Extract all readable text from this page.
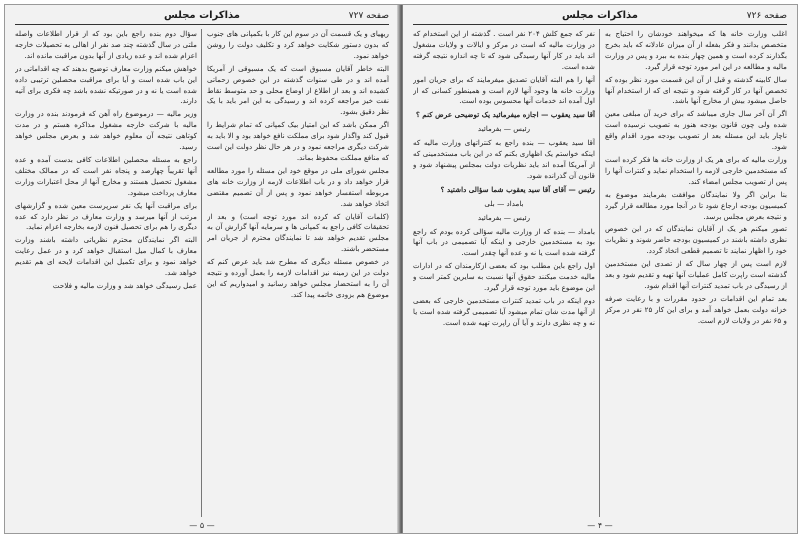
صفحه ۷۲۷
مذاکرات مجلس

ریهیای و یک قسمت آن در سوم این کار با بکمپانی های جنوب که بدون دستور شکایت خواهد کرد و تکلیف دولت را روشن خواهد نمود.

البته خاطر آقایان مسبوق است که یک مسبوقی از آمریکا آمده اند و در طی سنوات گذشته در این خصوص زحماتی کشیده اند و بعد از اطلاع از اوضاع محلی و حد متوسط نقاط نفت خیز مراجعه کرده اند و رسیدگی به این امر باید با یک نظر دقیق بشود.

اگر ممکن باشد که این امتیاز بیک کمپانی که تمام شرایط را قبول کند واگذار شود برای مملکت نافع خواهد بود و الا باید به شرکت دیگری مراجعه نمود و در هر حال نظر دولت این است که منافع مملکت محفوظ بماند.

مجلس شورای ملی در موقع خود این مسئله را مورد مطالعه قرار خواهد داد و در باب اطلاعات لازمه از وزارت خانه های مربوطه استفسار خواهد نمود و پس از آن تصمیم مقتضی اتخاذ خواهد شد.

(کلمات آقایان که کرده اند مورد توجه است) و بعد از تحقیقات کافی راجع به کمپانی ها و سرمایه آنها گزارش آن به مجلس تقدیم خواهد شد تا نمایندگان محترم از جریان امر مستحضر باشند.

در خصوص مسئله دیگری که مطرح شد باید عرض کنم که دولت در این زمینه نیز اقدامات لازمه را بعمل آورده و نتیجه آن را به استحضار مجلس خواهد رسانید و امیدواریم که این موضوع هم بزودی خاتمه پیدا کند.

سؤال دوم بنده راجع باین بود که از قرار اطلاعات واصله ملتی در سال گذشته چند صد نفر از اهالی به تحصیلات خارجه اعزام شده اند و عده زیادی از آنها بدون مراقبت مانده اند.

خواهش میکنم وزارت معارف توضیح بدهند که چه اقداماتی در این باب شده است و آیا برای مراقبت محصلین ترتیبی داده شده است یا نه و در صورتیکه نشده باشد چه فکری برای آتیه دارند.

وزیر مالیه — درموضوع راه آهن که فرمودند بنده در وزارت مالیه با شرکت خارجه مشغول مذاکره هستم و در مدت کوتاهی نتیجه آن معلوم خواهد شد و بعرض مجلس خواهد رسید.

راجع به مسئله محصلین اطلاعات کافی بدست آمده و عده آنها تقریباً چهارصد و پنجاه نفر است که در ممالک مختلف مشغول تحصیل هستند و مخارج آنها از محل اعتبارات وزارت معارف پرداخت میشود.

برای مراقبت آنها یک نفر سرپرست معین شده و گزارشهای مرتب از آنها میرسد و وزارت معارف در نظر دارد که عده دیگری را هم برای تحصیل فنون لازمه بخارجه اعزام نماید.

البته اگر نمایندگان محترم نظریاتی داشته باشند وزارت معارف با کمال میل استقبال خواهد کرد و در عمل رعایت خواهد نمود و برای تکمیل این اقدامات لایحه ای هم تقدیم خواهد شد.

عمل رسیدگی خواهد شد و وزارت مالیه و فلاحت

— ۵ —
صفحه ۷۲۶
مذاکرات مجلس

اغلب وزارت خانه ها که میخواهند خودشان را احتیاج به متخصص بدانند و فکر بفعله از آن میزان عادلانه که باید بخرج بگذارند کرده است و همین چهار بنده به ببرد و پس در وزارت مالیه و مطالعه در این امر مورد توجه قرار گیرد.

سال کابینه گذشته و قبل از آن این قسمت مورد نظر بوده که تخصص آنها در کار گرفته شود و نتیجه ای که از استخدام آنها حاصل میشود بیش از مخارج آنها باشد.

اگر آن آخر سال جاری میباشد که برای خرید آن مبلغی معین شده ولی چون قانون بودجه هنوز به تصویب نرسیده است ناچار باید این مسئله بعد از تصویب بودجه مورد اقدام واقع شود.

وزارت مالیه که برای هر یک از وزارت خانه ها فکر کرده است که مستخدمین خارجی لازمه را استخدام نماید و کنترات آنها را پس از تصویب مجلس امضاء کند.

بنا براین اگر ولا نمایندگان موافقت بفرمایند موضوع به کمیسیون بودجه ارجاع شود تا در آنجا مورد مطالعه قرار گیرد و نتیجه بعرض مجلس برسد.

تصور میکنم هر یک از آقایان نمایندگان که در این خصوص نظری داشته باشند در کمیسیون بودجه حاضر شوند و نظریات خود را اظهار نمایند تا تصمیم قطعی اتخاذ گردد.

لازم است پس از چهار سال که از تصدی این مستخدمین گذشته است راپرت کامل عملیات آنها تهیه و تقدیم شود و بعد از رسیدگی در باب تمدید کنترات آنها اقدام شود.

بعد تمام این اقدامات در حدود مقررات و با رعایت صرفه خزانه دولت بعمل خواهد آمد و برای این کار ۲۵ نفر در مرکز و ۶۵ نفر در ولایات لازم است.

نفر که جمع کلش ۲۰۴ نفر است . گذشته از این استخدام که در وزارت مالیه که است در مرکز و ایالات و ولایات مشغول اند باید در کار آنها رسیدگی شود که تا چه اندازه نتیجه گرفته شده است.

آنها را هم البته آقایان تصدیق میفرمایند که برای جریان امور وزارت خانه ها وجود آنها لازم است و همینطور کسانی که از اول آمده اند خدمات آنها محسوس بوده است.

آقا سید یعقوب — اجازه میفرمائید یک توضیحی عرض کنم ؟

رئیس — بفرمائید

آقا سید یعقوب — بنده راجع به کنتراتهای وزارت مالیه که اینکه خواستم یک اظهاری بکنم که در این باب مستخدمینی که از آمریکا آمده اند باید نظریات دولت بمجلس پیشنهاد شود و قانون آن گذرانده شود.

رئیس — آقای آقا سید یعقوب شما سؤالی داشتید ؟

بامداد — بلی

رئیس — بفرمائید

بامداد — بنده که از وزارت مالیه سؤالی کرده بودم که راجع بود به مستخدمین خارجی و اینکه آیا تصمیمی در باب آنها گرفته شده است یا نه و عده آنها چقدر است.

اول راجع باین مطلب بود که بعضی ازکارمندان که در ادارات مالیه خدمت میکنند حقوق آنها نسبت به سایرین کمتر است و این موضوع باید مورد توجه قرار گیرد.

دوم اینکه در باب تمدید کنترات مستخدمین خارجی که بعضی از آنها مدت شان تمام میشود آیا تصمیمی گرفته شده است یا نه و چه نظری دارند و آیا آن راپرت تهیه شده است.

— ۴ —
